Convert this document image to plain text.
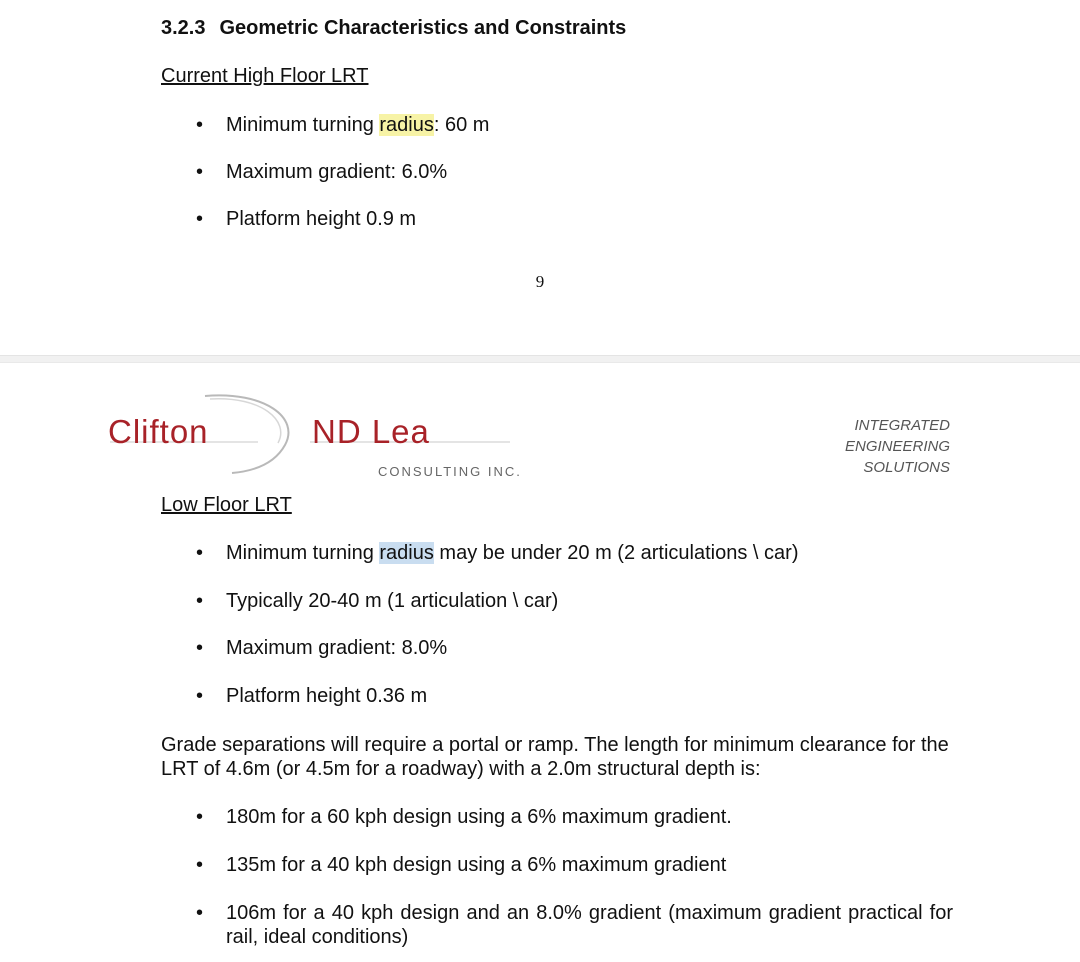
3.2.3 Geometric Characteristics and Constraints

Current High Floor LRT

• Minimum turning radius: 60 m
• Maximum gradient: 6.0%
• Platform height 0.9 m
9
Clifton	ND Lea
CONSULTING INC.
INTEGRATED
ENGINEERING
SOLUTIONS

Low Floor LRT

• Minimum turning radius may be under 20 m (2 articulations \ car)
• Typically 20-40 m (1 articulation \ car)
• Maximum gradient: 8.0%
• Platform height 0.36 m

Grade separations will require a portal or ramp. The length for minimum clearance for the LRT of 4.6m (or 4.5m for a roadway) with a 2.0m structural depth is:

• 180m for a 60 kph design using a 6% maximum gradient.
• 135m for a 40 kph design using a 6% maximum gradient
• 106m for a 40 kph design and an 8.0% gradient (maximum gradient practical for rail, ideal conditions)
